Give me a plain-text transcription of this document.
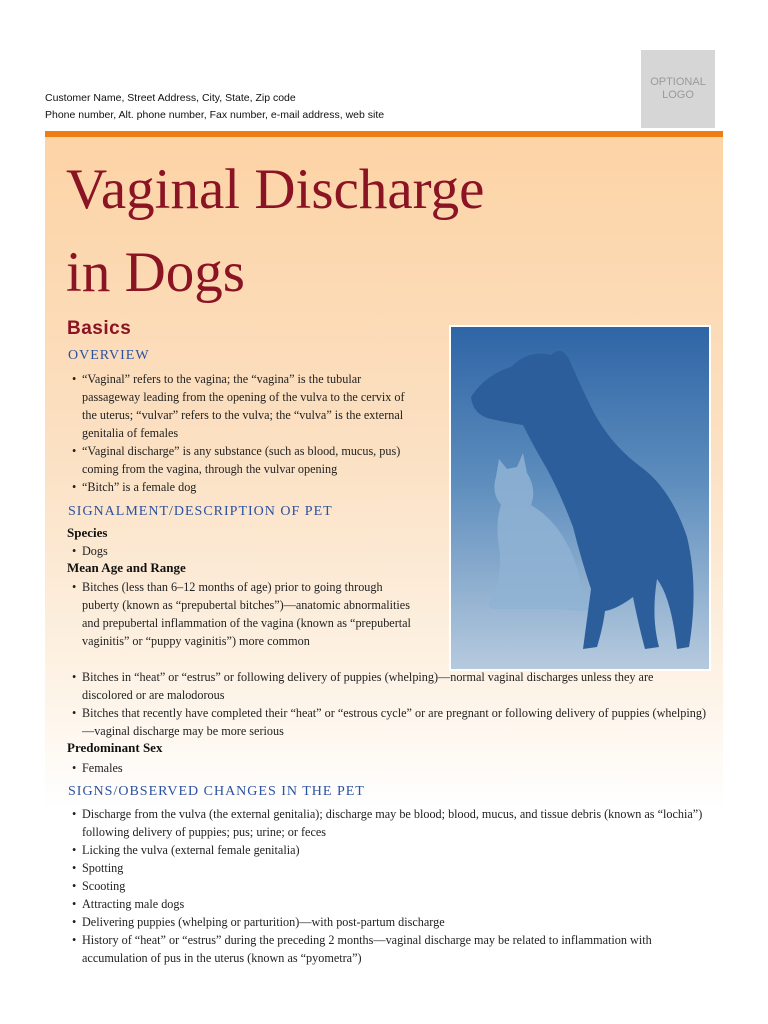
Customer Name, Street Address, City, State, Zip code
Phone number, Alt. phone number, Fax number, e-mail address, web site
OPTIONAL
LOGO
Vaginal Discharge
in Dogs
Basics
OVERVIEW
• “Vaginal” refers to the vagina; the “vagina” is the tubular passageway leading from the opening of the vulva to the cervix of the uterus; “vulvar” refers to the vulva; the “vulva” is the external genitalia of females
• “Vaginal discharge” is any substance (such as blood, mucus, pus) coming from the vagina, through the vulvar opening
• “Bitch” is a female dog
SIGNALMENT/DESCRIPTION OF PET
Species
• Dogs
Mean Age and Range
• Bitches (less than 6–12 months of age) prior to going through puberty (known as “prepubertal bitches”)—anatomic abnormalities and prepubertal inflammation of the vagina (known as “prepubertal vaginitis” or “puppy vaginitis”) more common
• Bitches in “heat” or “estrus” or following delivery of puppies (whelping)—normal vaginal discharges unless they are discolored or are malodorous
• Bitches that recently have completed their “heat” or “estrous cycle” or are pregnant or following delivery of puppies (whelping)—vaginal discharge may be more serious
Predominant Sex
• Females
SIGNS/OBSERVED CHANGES IN THE PET
• Discharge from the vulva (the external genitalia); discharge may be blood; blood, mucus, and tissue debris (known as “lochia”) following delivery of puppies; pus; urine; or feces
• Licking the vulva (external female genitalia)
• Spotting
• Scooting
• Attracting male dogs
• Delivering puppies (whelping or parturition)—with post-partum discharge
• History of “heat” or “estrus” during the preceding 2 months—vaginal discharge may be related to inflammation with accumulation of pus in the uterus (known as “pyometra”)
